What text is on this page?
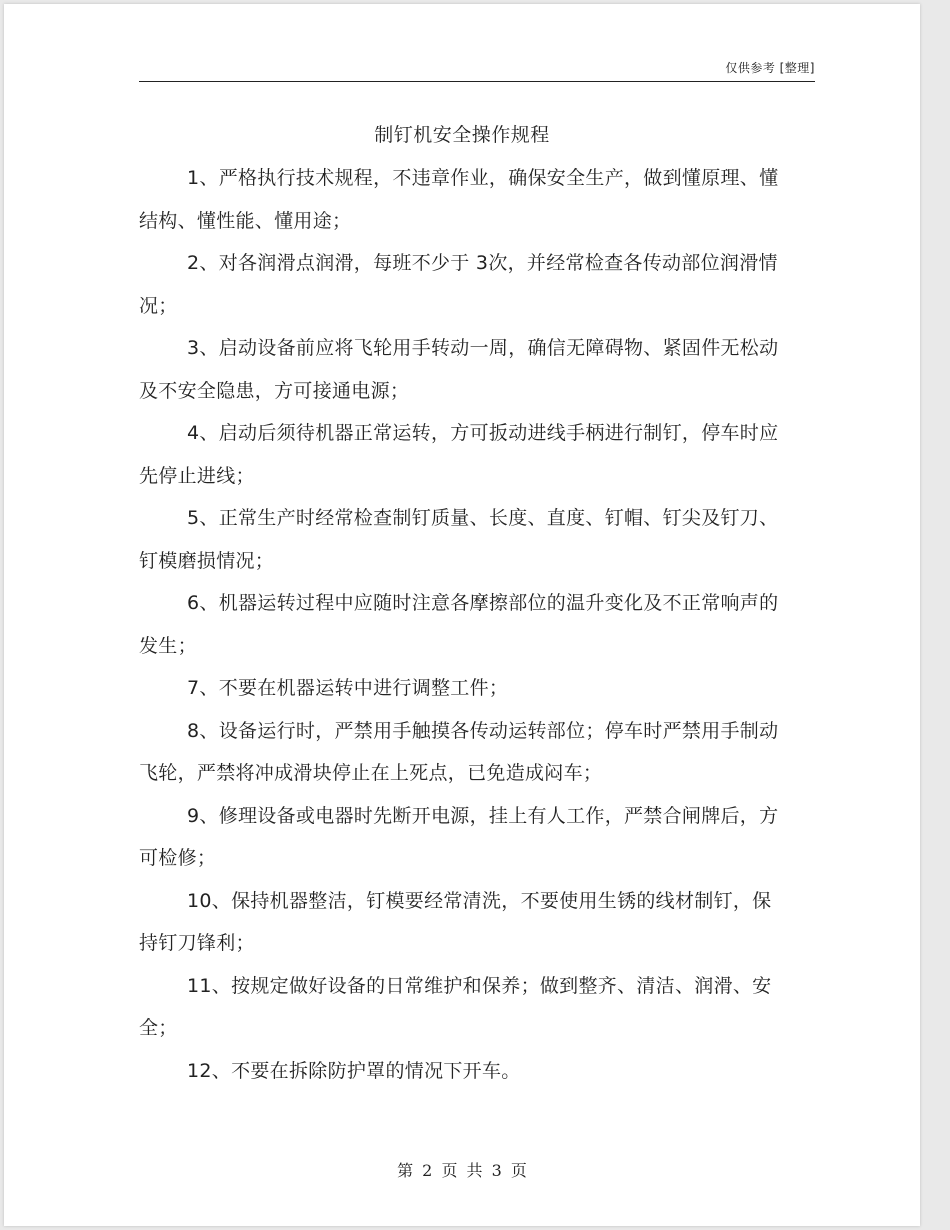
仅供参考 [整理]
制钉机安全操作规程

1、严格执行技术规程，不违章作业，确保安全生产，做到懂原理、懂结构、懂性能、懂用途；

2、对各润滑点润滑，每班不少于 3次，并经常检查各传动部位润滑情况；

3、启动设备前应将飞轮用手转动一周，确信无障碍物、紧固件无松动及不安全隐患，方可接通电源；

4、启动后须待机器正常运转，方可扳动进线手柄进行制钉，停车时应先停止进线；

5、正常生产时经常检查制钉质量、长度、直度、钉帽、钉尖及钉刀、钉模磨损情况；

6、机器运转过程中应随时注意各摩擦部位的温升变化及不正常响声的发生；

7、不要在机器运转中进行调整工件；

8、设备运行时，严禁用手触摸各传动运转部位；停车时严禁用手制动飞轮，严禁将冲成滑块停止在上死点，已免造成闷车；

9、修理设备或电器时先断开电源，挂上有人工作，严禁合闸牌后，方可检修；

10、保持机器整洁，钉模要经常清洗，不要使用生锈的线材制钉，保持钉刀锋利；

11、按规定做好设备的日常维护和保养；做到整齐、清洁、润滑、安全；

12、不要在拆除防护罩的情况下开车。

第 2 页 共 3 页
